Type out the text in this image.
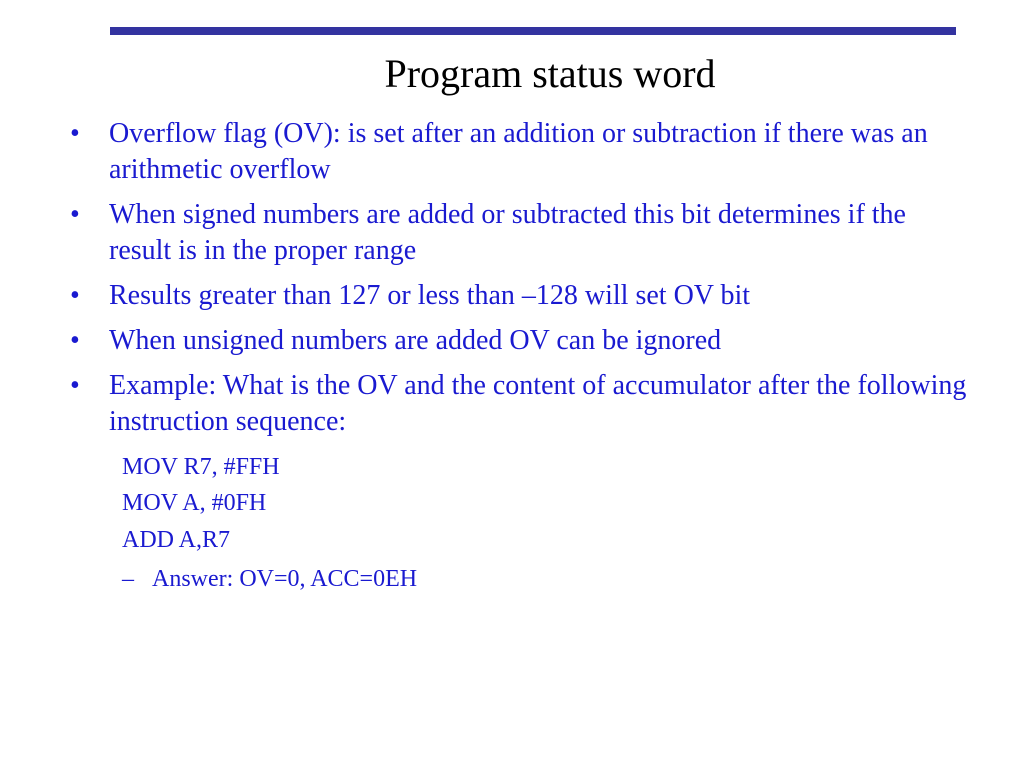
Program status word
• Overflow flag (OV): is set after an addition or subtraction if there was an arithmetic overflow
• When signed numbers are added or subtracted this bit determines if the result is in the proper range
• Results greater than 127 or less than –128 will set OV bit
• When unsigned numbers are added OV can be ignored
• Example: What is the OV and the content of accumulator after the following instruction sequence:
MOV R7, #FFH
MOV A, #0FH
ADD A,R7
– Answer: OV=0, ACC=0EH
